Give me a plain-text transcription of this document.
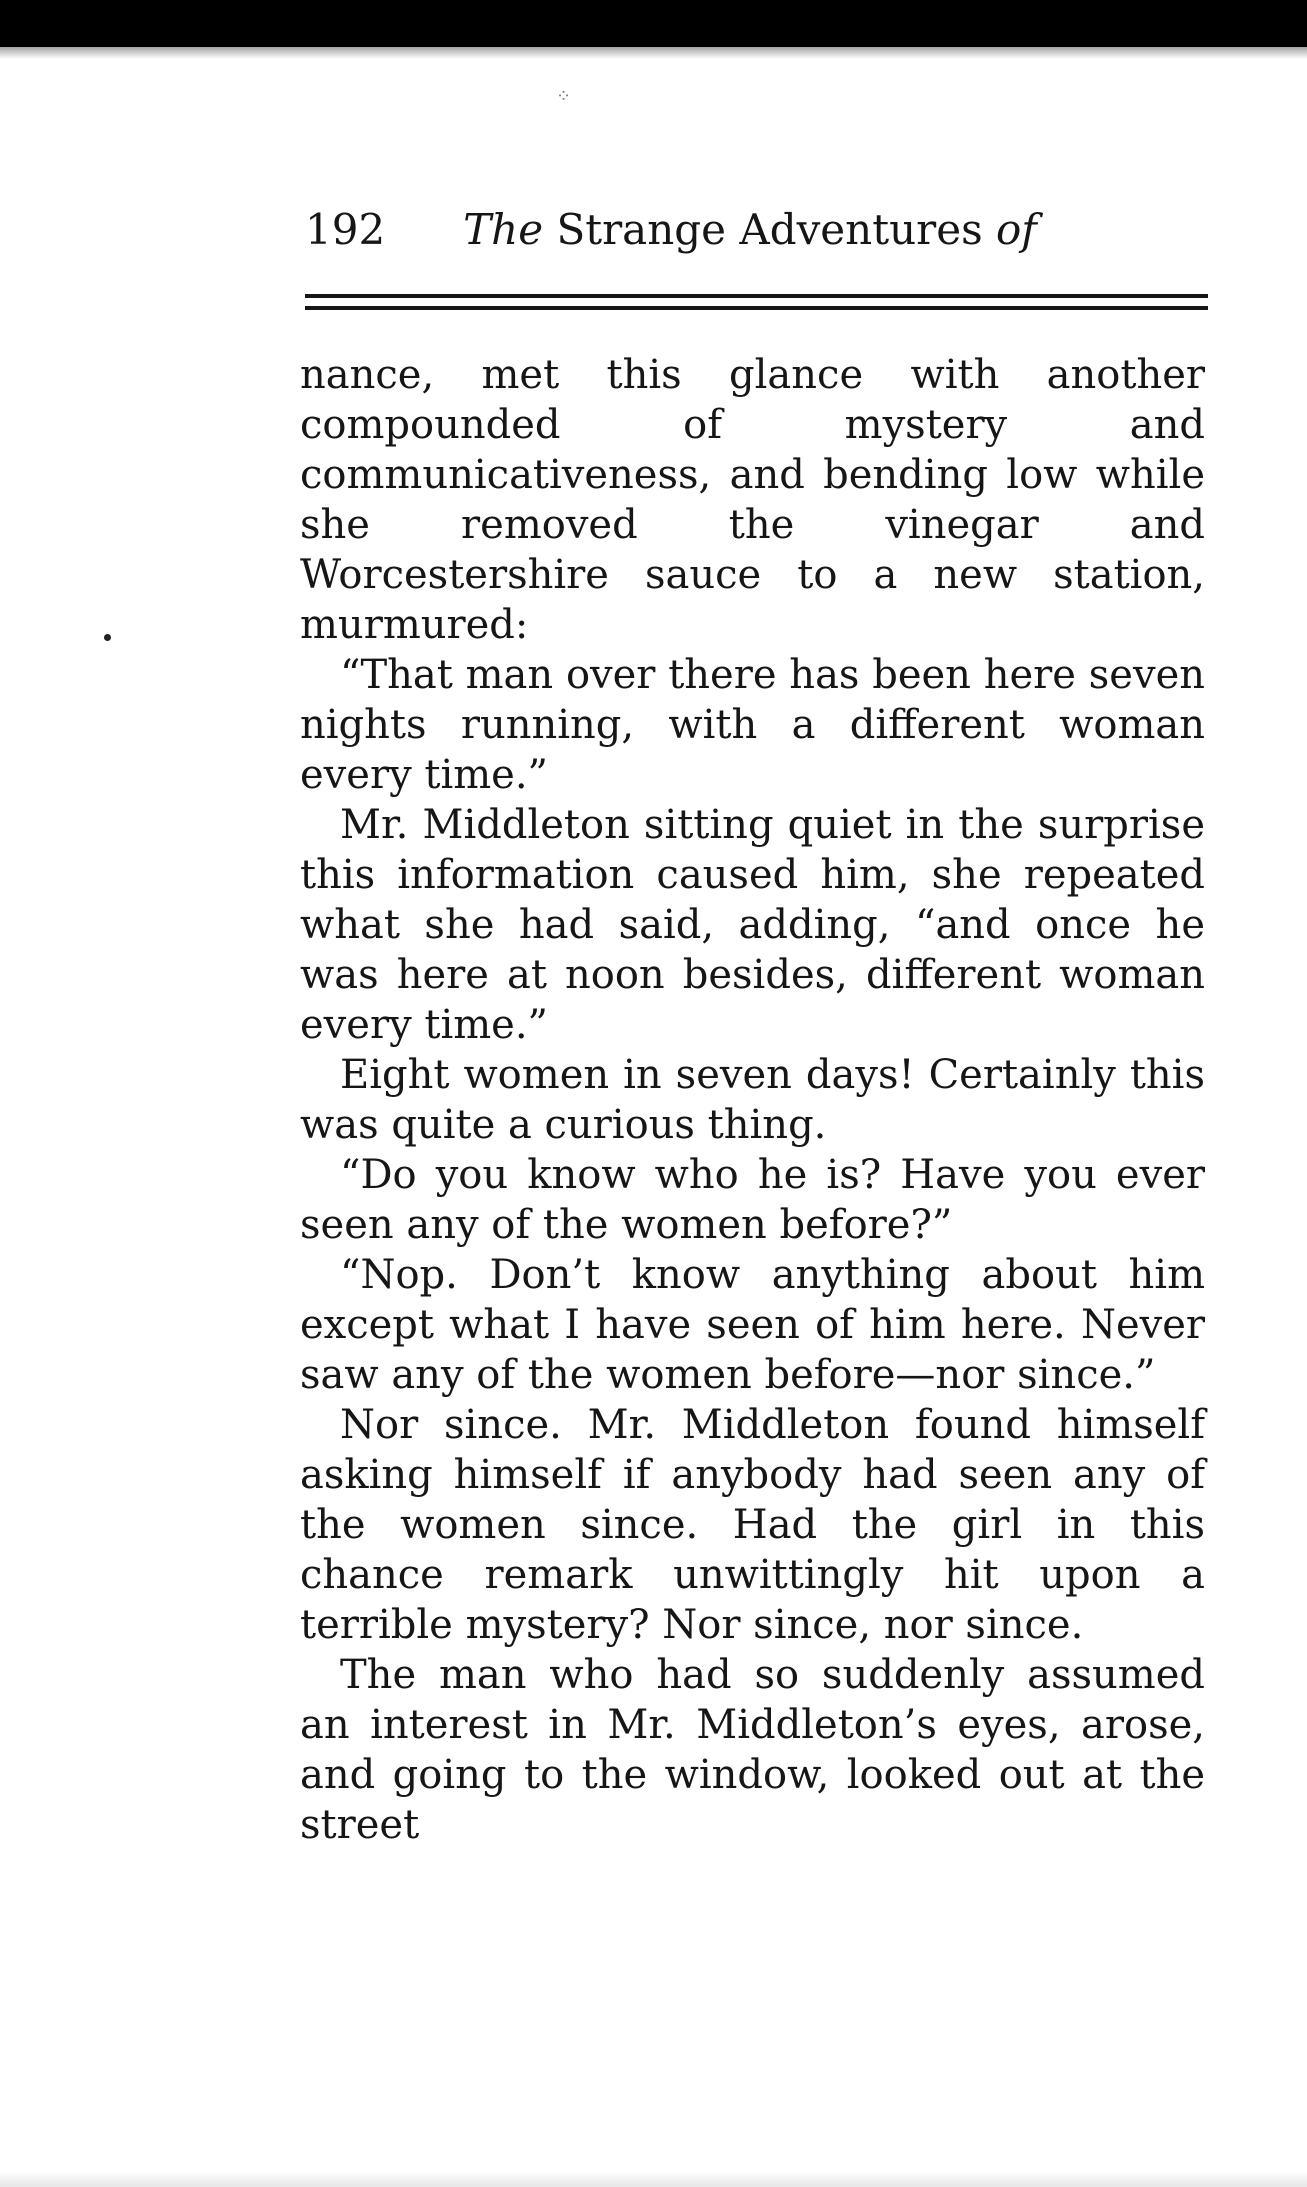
⁘
192 The Strange Adventures of

nance, met this glance with another compounded of mystery and communicativeness, and bending low while she removed the vinegar and Worcestershire sauce to a new station, murmured:

“That man over there has been here seven nights running, with a different woman every time.”

Mr. Middleton sitting quiet in the surprise this information caused him, she repeated what she had said, adding, “and once he was here at noon besides, different woman every time.”

Eight women in seven days! Certainly this was quite a curious thing.

“Do you know who he is? Have you ever seen any of the women before?”

“Nop. Don’t know anything about him except what I have seen of him here. Never saw any of the women before—nor since.”

Nor since. Mr. Middleton found himself asking himself if anybody had seen any of the women since. Had the girl in this chance remark unwittingly hit upon a terrible mystery? Nor since, nor since.

The man who had so suddenly assumed an interest in Mr. Middleton’s eyes, arose, and going to the window, looked out at the street
